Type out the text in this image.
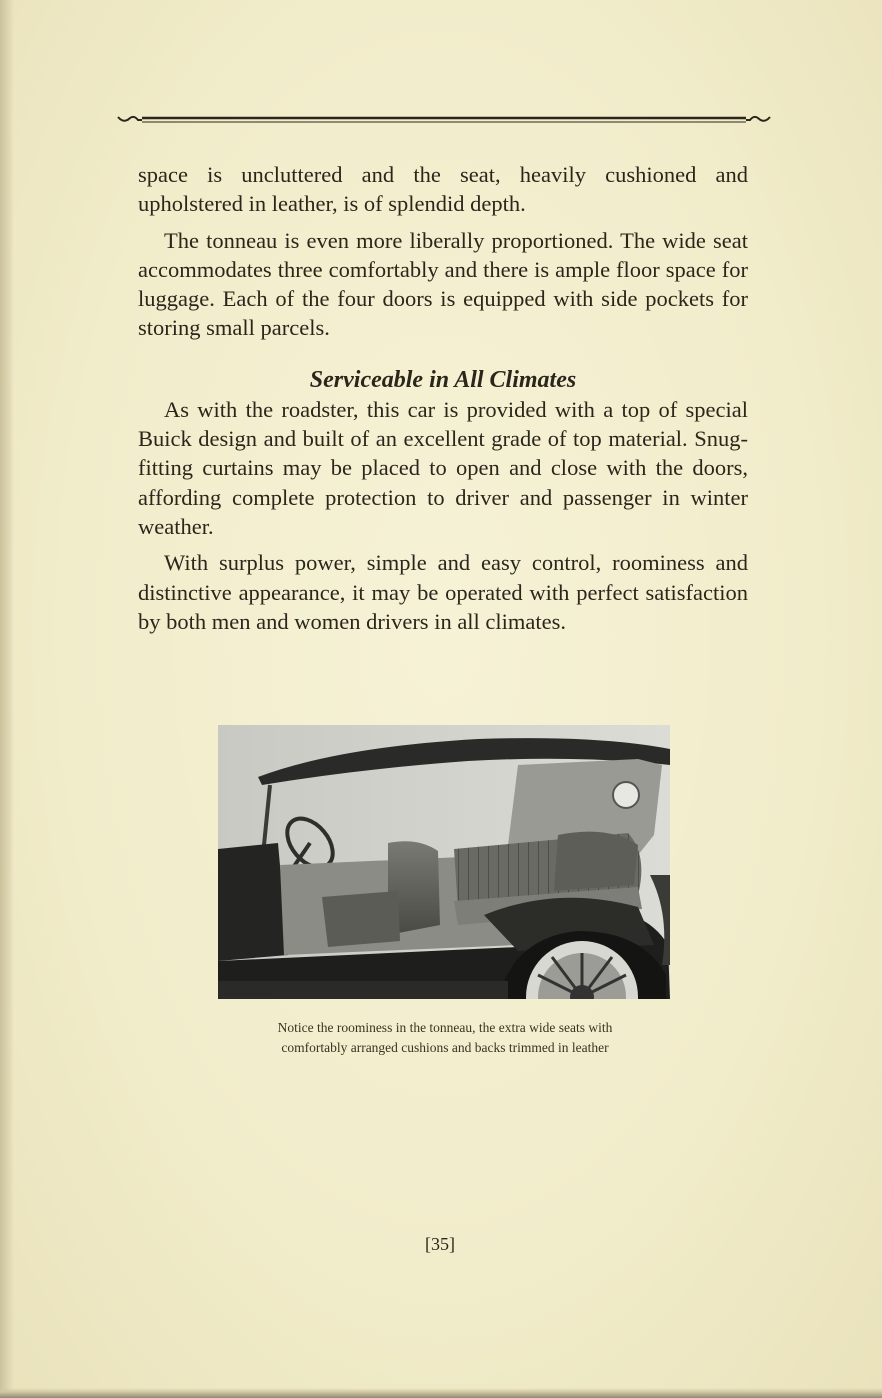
space is uncluttered and the seat, heavily cushioned and upholstered in leather, is of splendid depth.

The tonneau is even more liberally proportioned. The wide seat accommodates three comfortably and there is ample floor space for luggage. Each of the four doors is equipped with side pockets for storing small parcels.

Serviceable in All Climates

As with the roadster, this car is provided with a top of special Buick design and built of an excellent grade of top material. Snug-fitting curtains may be placed to open and close with the doors, affording complete protection to driver and passenger in winter weather.

With surplus power, simple and easy control, roominess and distinctive appearance, it may be operated with perfect satisfaction by both men and women drivers in all climates.

Notice the roominess in the tonneau, the extra wide seats with
comfortably arranged cushions and backs trimmed in leather
[35]
